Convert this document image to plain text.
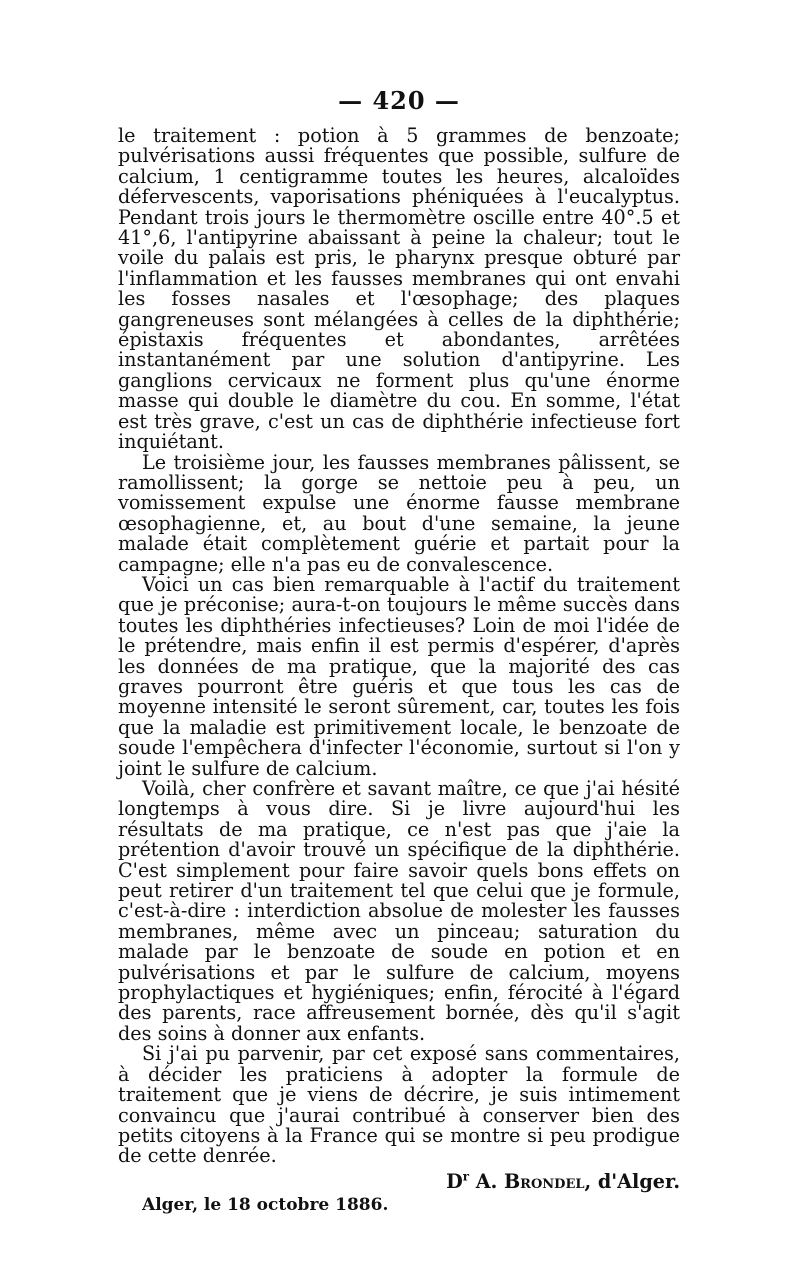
— 420 —

le traitement : potion à 5 grammes de benzoate; pulvérisations aussi fréquentes que possible, sulfure de calcium, 1 centigramme toutes les heures, alcaloïdes défervescents, vaporisations phéniquées à l'eucalyptus. Pendant trois jours le thermomètre oscille entre 40°.5 et 41°,6, l'antipyrine abaissant à peine la chaleur; tout le voile du palais est pris, le pharynx presque obturé par l'inflammation et les fausses membranes qui ont envahi les fosses nasales et l'œsophage; des plaques gangreneuses sont mélangées à celles de la diphthérie; épistaxis fréquentes et abondantes, arrêtées instantanément par une solution d'antipyrine. Les ganglions cervicaux ne forment plus qu'une énorme masse qui double le diamètre du cou. En somme, l'état est très grave, c'est un cas de diphthérie infectieuse fort inquiétant.

Le troisième jour, les fausses membranes pâlissent, se ramollissent; la gorge se nettoie peu à peu, un vomissement expulse une énorme fausse membrane œsophagienne, et, au bout d'une semaine, la jeune malade était complètement guérie et partait pour la campagne; elle n'a pas eu de convalescence.

Voici un cas bien remarquable à l'actif du traitement que je préconise; aura-t-on toujours le même succès dans toutes les diphthéries infectieuses? Loin de moi l'idée de le prétendre, mais enfin il est permis d'espérer, d'après les données de ma pratique, que la majorité des cas graves pourront être guéris et que tous les cas de moyenne intensité le seront sûrement, car, toutes les fois que la maladie est primitivement locale, le benzoate de soude l'empêchera d'infecter l'économie, surtout si l'on y joint le sulfure de calcium.

Voilà, cher confrère et savant maître, ce que j'ai hésité longtemps à vous dire. Si je livre aujourd'hui les résultats de ma pratique, ce n'est pas que j'aie la prétention d'avoir trouvé un spécifique de la diphthérie. C'est simplement pour faire savoir quels bons effets on peut retirer d'un traitement tel que celui que je formule, c'est-à-dire : interdiction absolue de molester les fausses membranes, même avec un pinceau; saturation du malade par le benzoate de soude en potion et en pulvérisations et par le sulfure de calcium, moyens prophylactiques et hygiéniques; enfin, férocité à l'égard des parents, race affreusement bornée, dès qu'il s'agit des soins à donner aux enfants.

Si j'ai pu parvenir, par cet exposé sans commentaires, à décider les praticiens à adopter la formule de traitement que je viens de décrire, je suis intimement convaincu que j'aurai contribué à conserver bien des petits citoyens à la France qui se montre si peu prodigue de cette denrée.

$D^r$ A. Brondel, d'Alger.
Alger, le 18 octobre 1886.
